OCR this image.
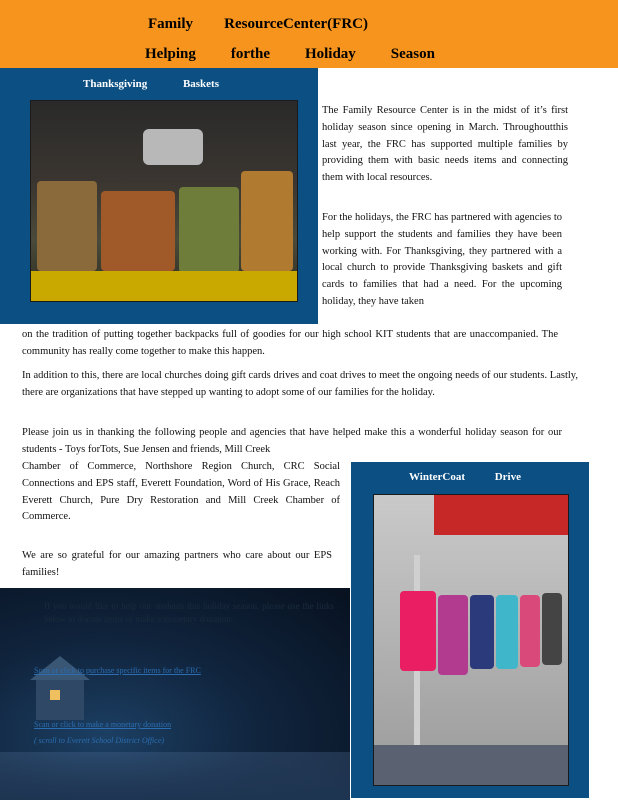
Family ResourceCenter(FRC)
Helping forthe Holiday Season
Thanksgiving	Baskets
The Family Resource Center is in the midst of it’s first holiday season since opening in March. Throughoutthis last year, the FRC has supported multiple families by providing them with basic needs items and connecting them with local resources.
For the holidays, the FRC has partnered with agencies to help support the students and families they have been working with. For Thanksgiving, they partnered with a local church to provide Thanksgiving baskets and gift cards to families that had a need. For the upcoming holiday, they have taken
on the tradition of putting together backpacks full of goodies for our high school KIT students that are unaccompanied. The community has really come together to make this happen.
In addition to this, there are local churches doing gift cards drives and coat drives to meet the ongoing needs of our students. Lastly, there are organizations that have stepped up wanting to adopt some of our families for the holiday.
Please join us in thanking the following people and agencies that have helped make this a wonderful holiday season for our students - Toys forTots, Sue Jensen and friends, Mill Creek
Chamber of Commerce, Northshore Region Church, CRC Social Connections and EPS staff, Everett Foundation, Word of His Grace, Reach Everett Church, Pure Dry Restoration and Mill Creek Chamber of Commerce.
We are so grateful for our amazing partners who care about our EPS families!
WinterCoat	Drive
If you would like to help our students this holiday season, please use the links below to donate items or make a monetary donation.
Scan or click to purchase specific items for the FRC
Scan or click to make a monetary donation
( scroll to Everett School District Office)
